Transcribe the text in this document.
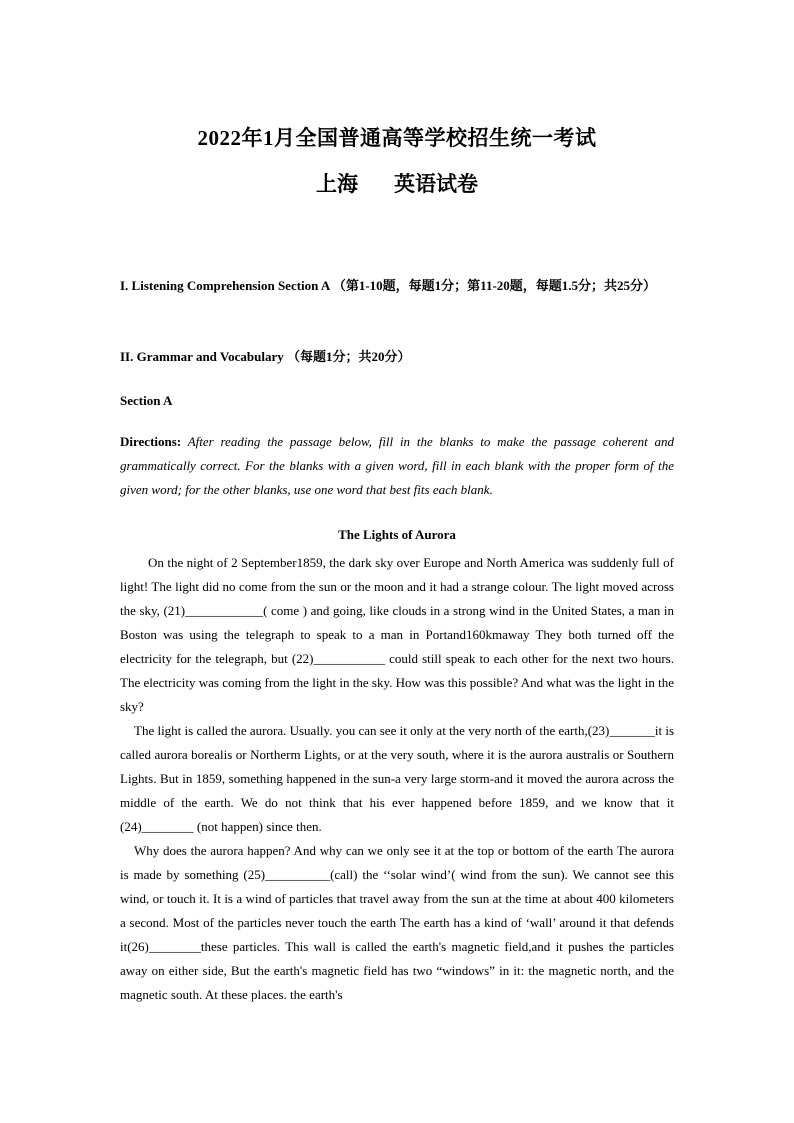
2022年1月全国普通高等学校招生统一考试
上海 英语试卷
I. Listening Comprehension Section A （第1-10题，每题1分；第11-20题，每题1.5分；共25分）
II. Grammar and Vocabulary （每题1分；共20分）
Section A
Directions: After reading the passage below, fill in the blanks to make the passage coherent and grammatically correct. For the blanks with a given word, fill in each blank with the proper form of the given word; for the other blanks, use one word that best fits each blank.
The Lights of Aurora

On the night of 2 September1859, the dark sky over Europe and North America was suddenly full of light! The light did no come from the sun or the moon and it had a strange colour. The light moved across the sky, (21)____________( come ) and going, like clouds in a strong wind in the United States, a man in Boston was using the telegraph to speak to a man in Portand160kmaway They both turned off the electricity for the telegraph, but (22)___________ could still speak to each other for the next two hours. The electricity was coming from the light in the sky. How was this possible? And what was the light in the sky?

The light is called the aurora. Usually. you can see it only at the very north of the earth,(23)_______it is called aurora borealis or Northerm Lights, or at the very south, where it is the aurora australis or Southern Lights. But in 1859, something happened in the sun-a very large storm-and it moved the aurora across the middle of the earth. We do not think that his ever happened before 1859, and we know that it (24)________ (not happen) since then.

Why does the aurora happen? And why can we only see it at the top or bottom of the earth The aurora is made by something (25)__________(call) the ‘‘solar wind’( wind from the sun). We cannot see this wind, or touch it. It is a wind of particles that travel away from the sun at the time at about 400 kilometers a second. Most of the particles never touch the earth The earth has a kind of ‘wall’ around it that defends it(26)________these particles. This wall is called the earth's magnetic field,and it pushes the particles away on either side, But the earth's magnetic field has two “windows” in it: the magnetic north, and the magnetic south. At these places. the earth's
